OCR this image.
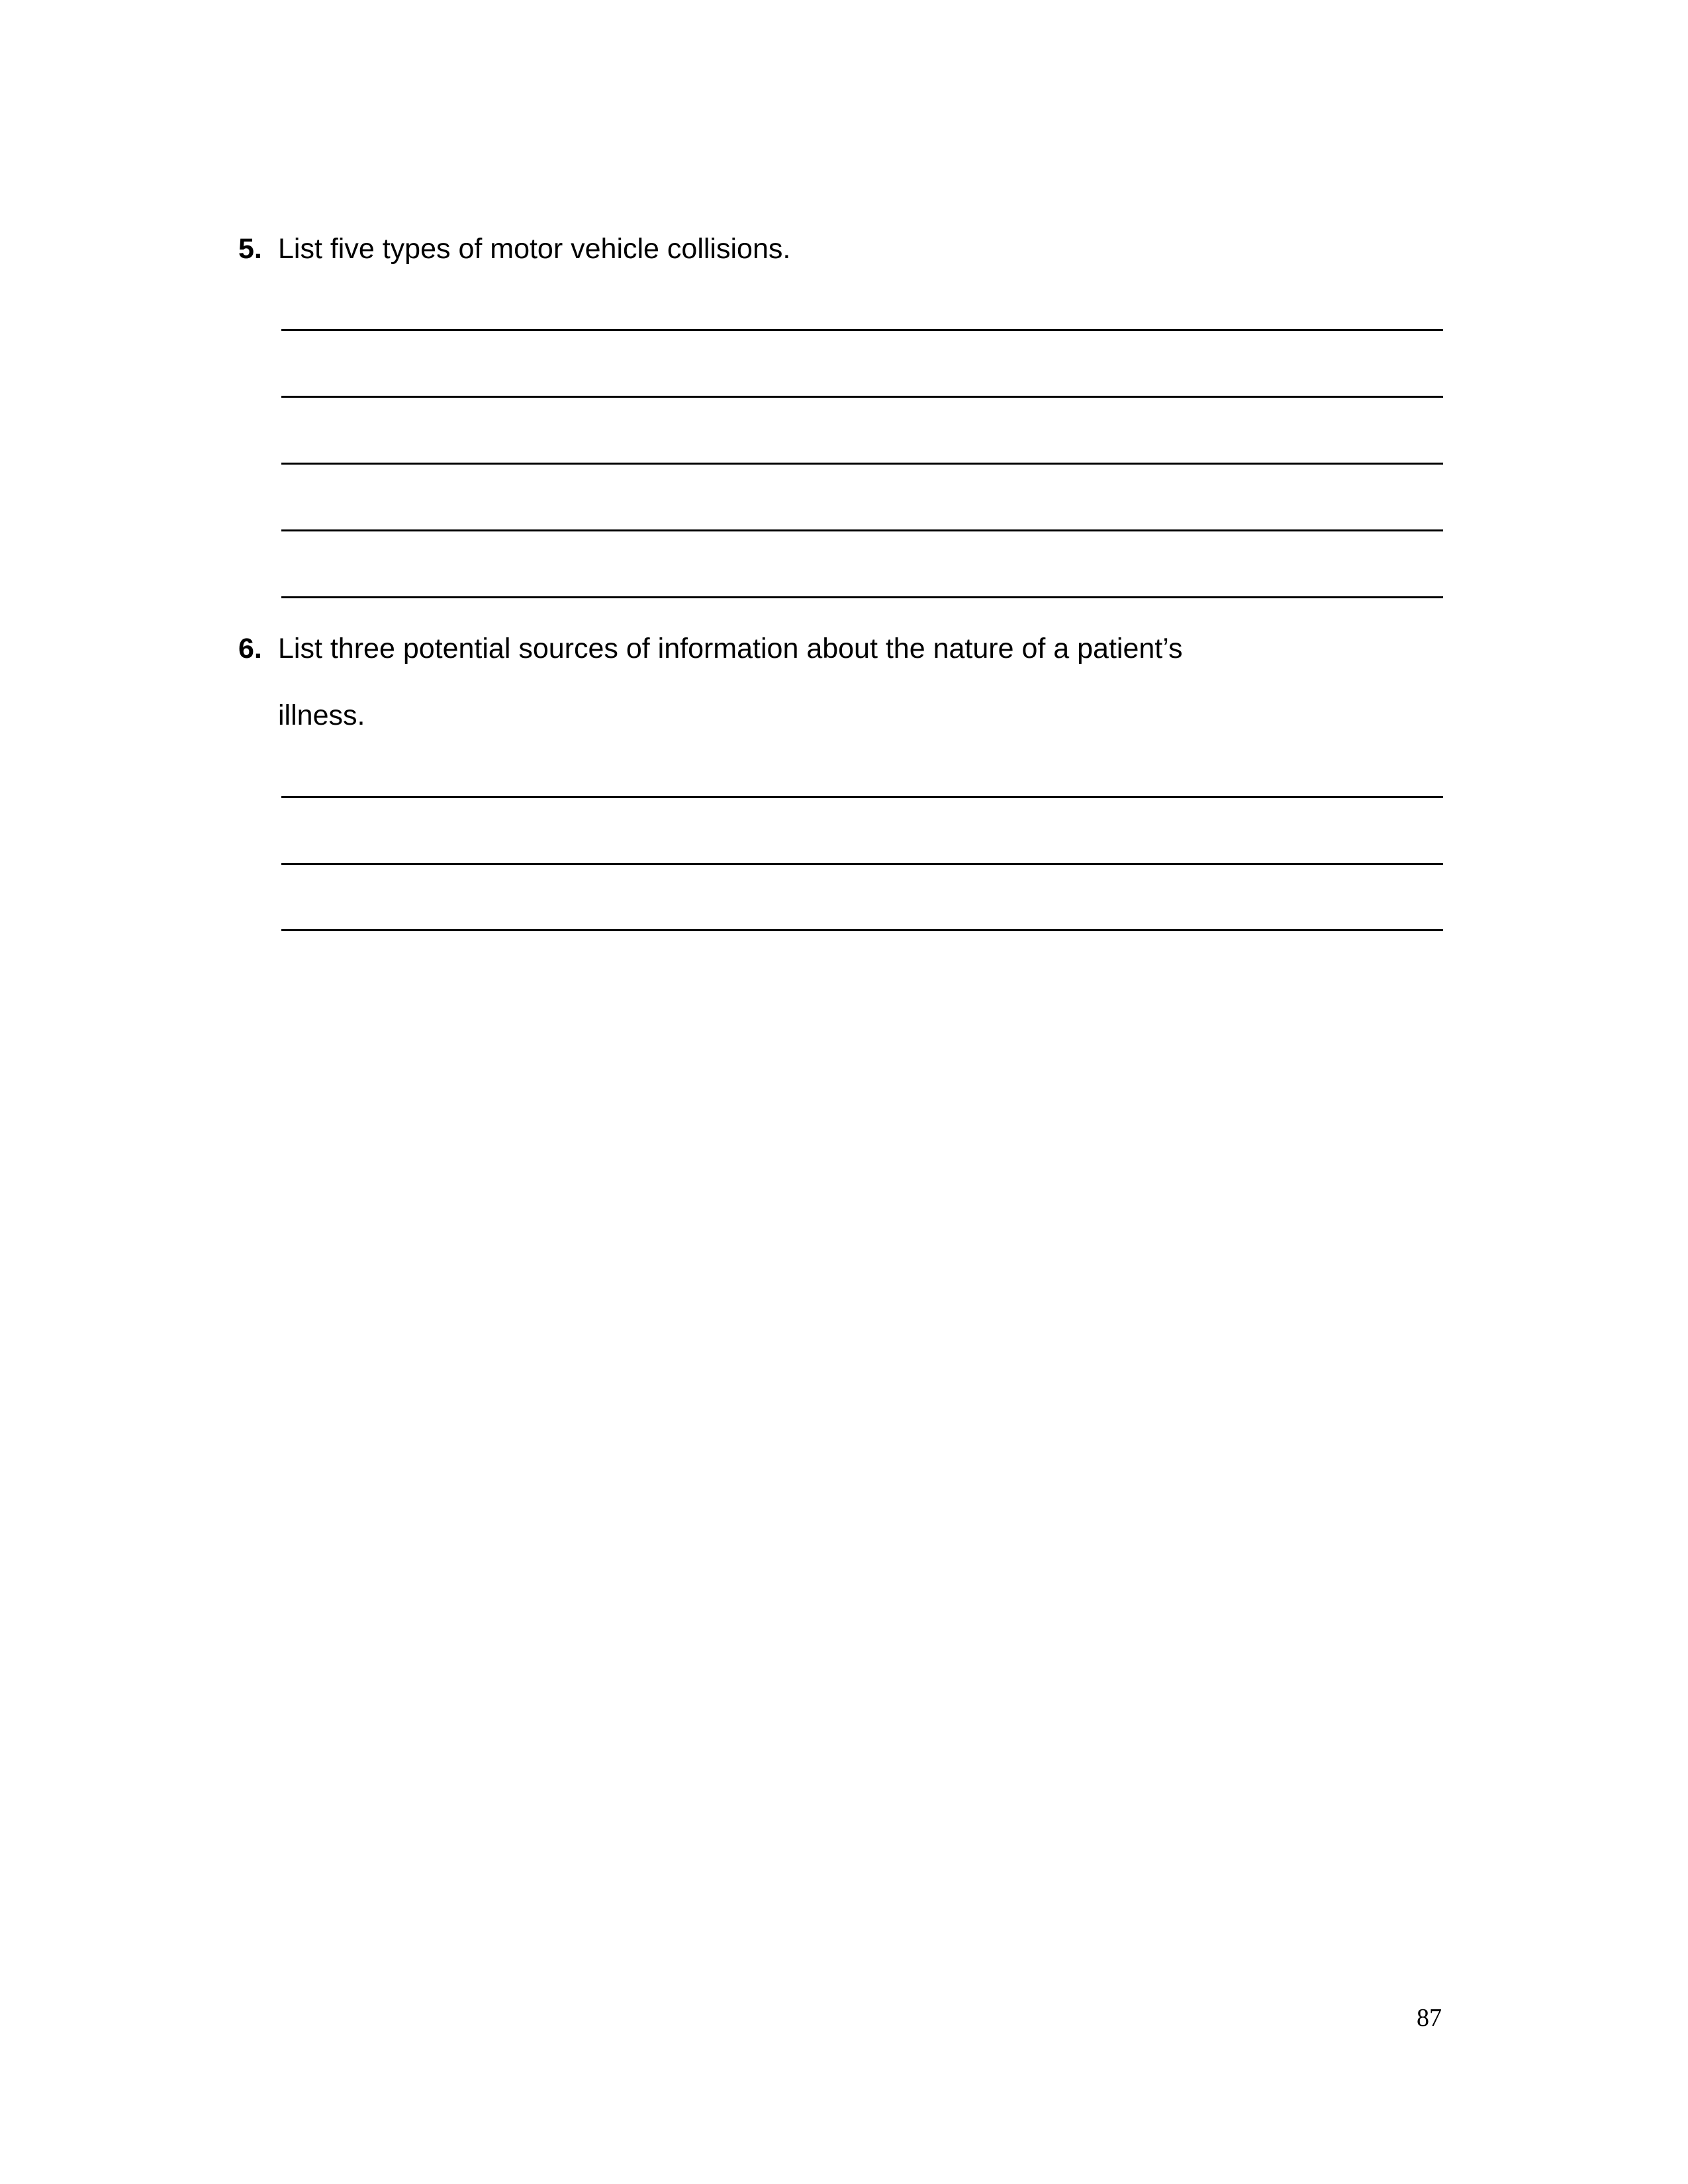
5. List five types of motor vehicle collisions.
6. List three potential sources of information about the nature of a patient’s illness.
87
